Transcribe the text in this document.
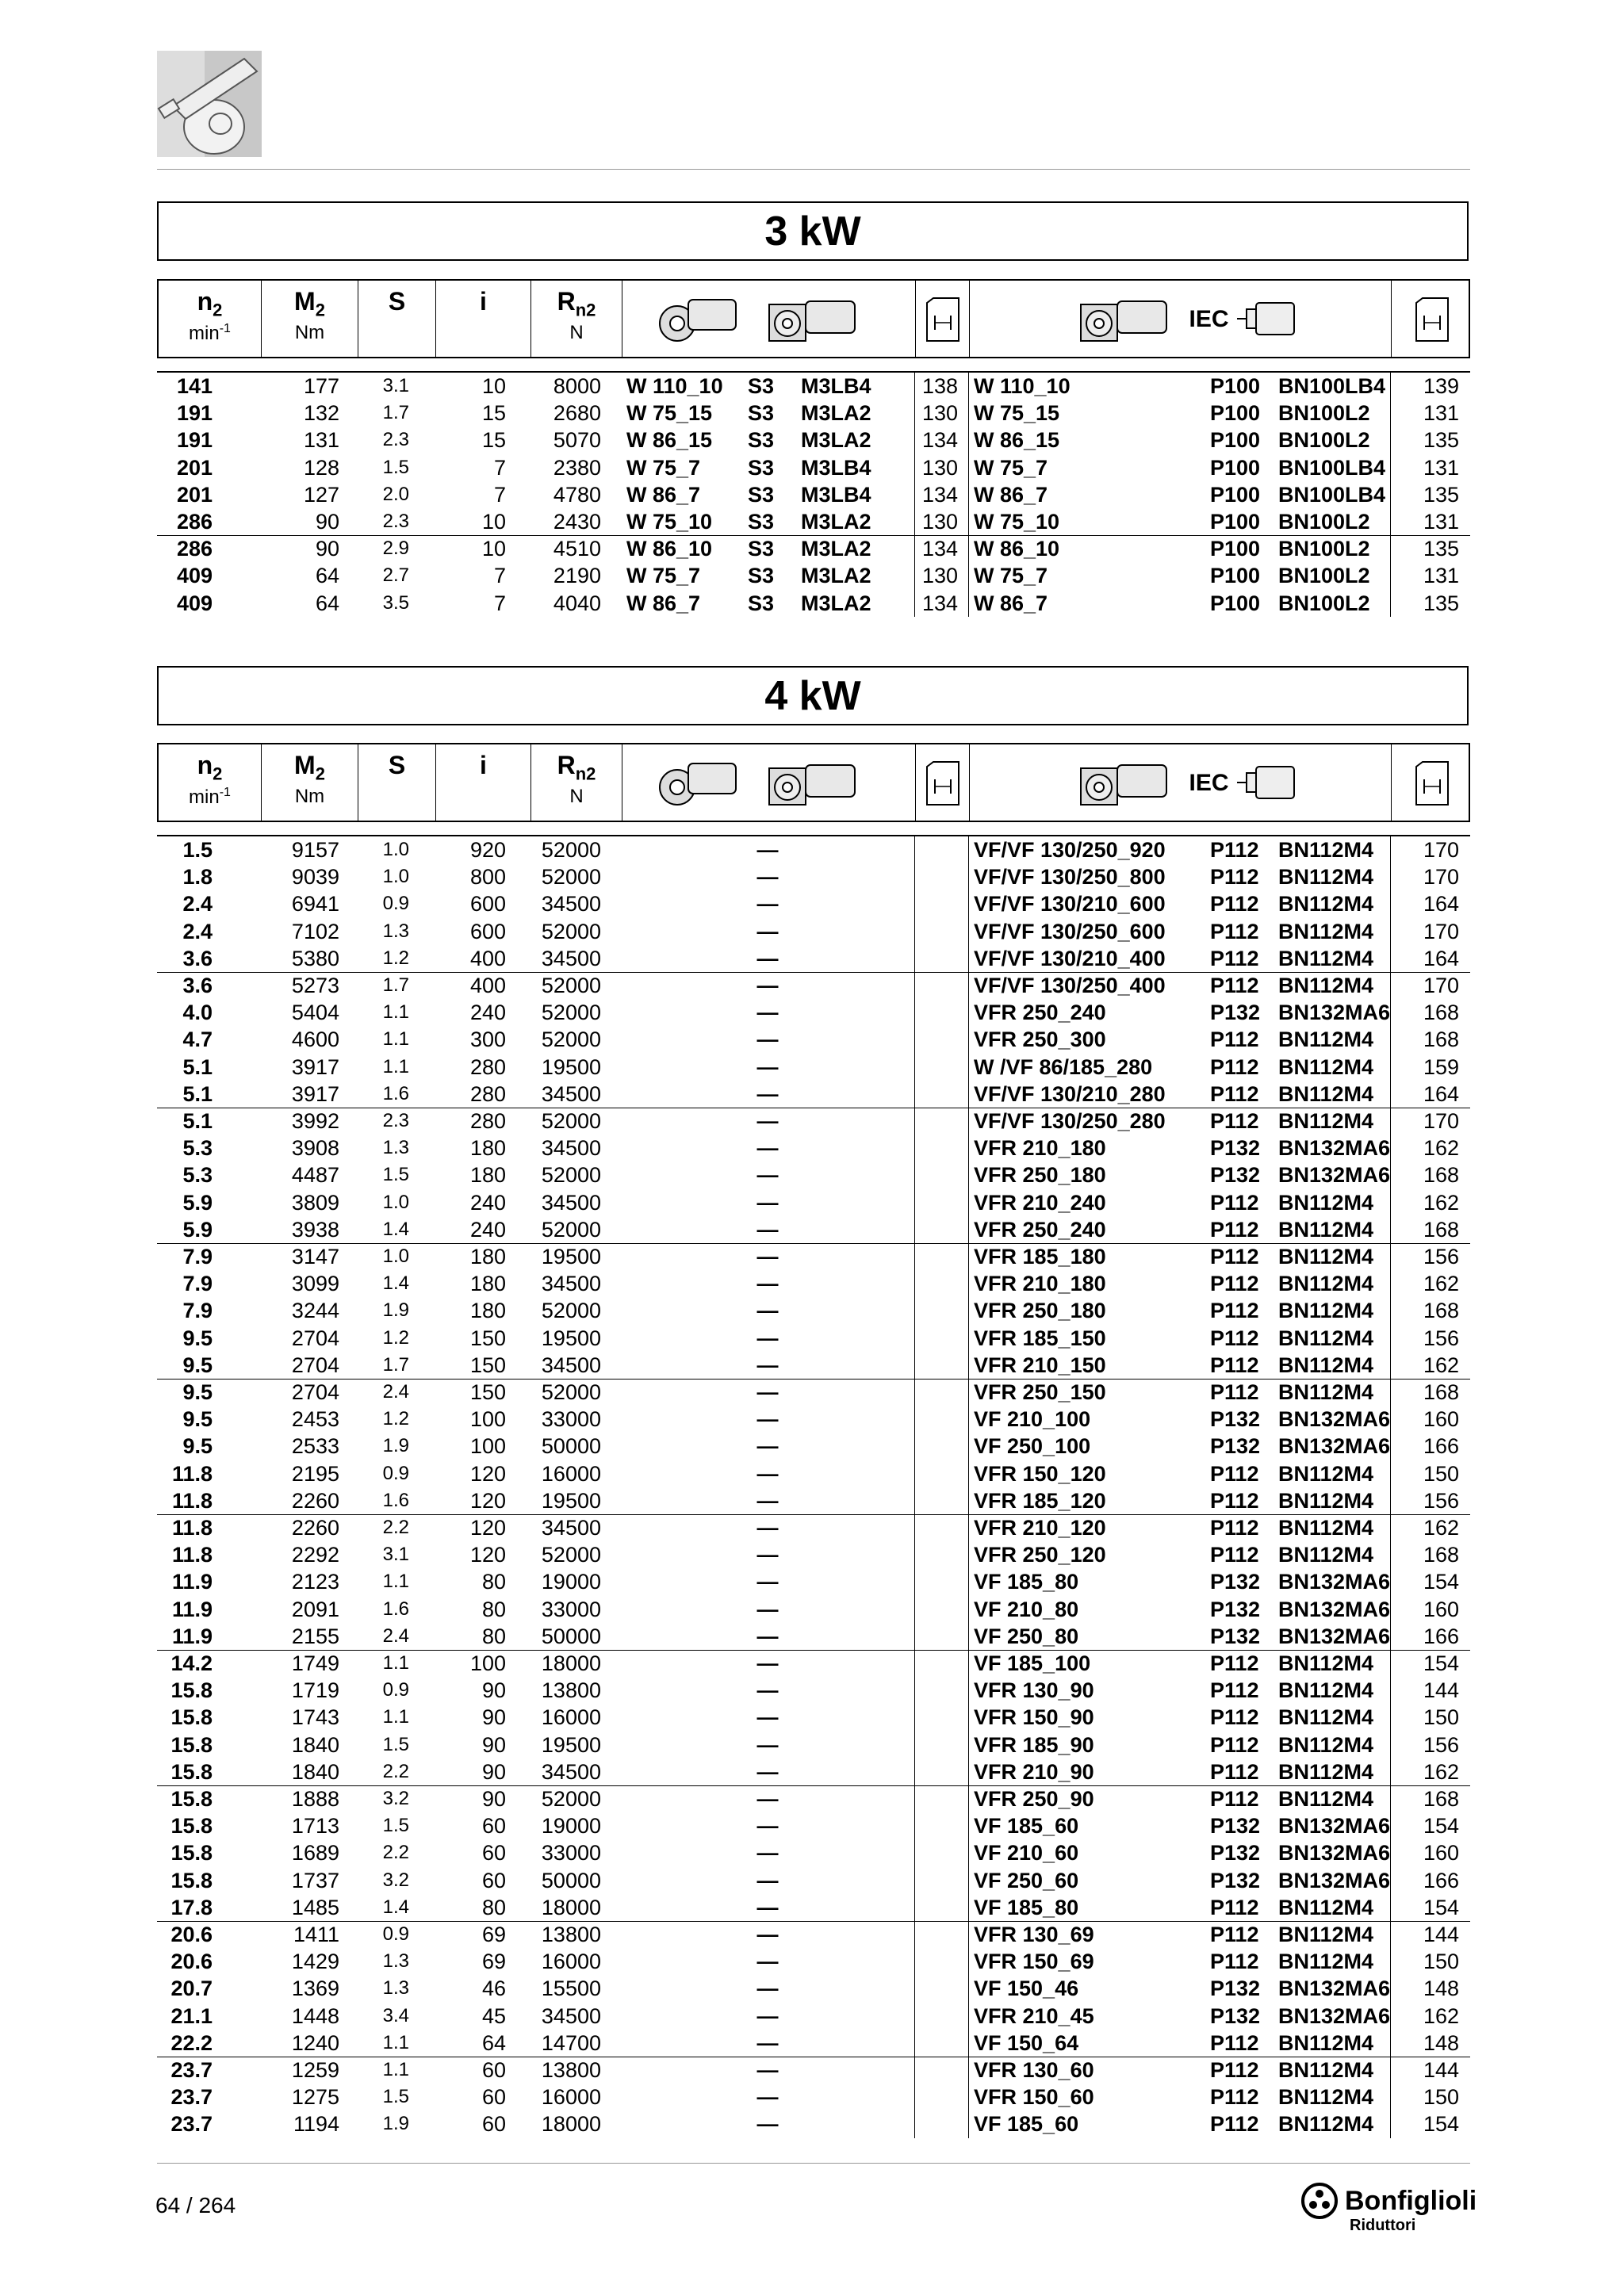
3 kW
$n_2$
$\min^{-1}$
$M_2$
Nm
S	i	$R_{n2}$
N
IEC
141	177	3.1	10	8000 W 110_10	S3	M3LB4	138 W 110_10	P100 BN100LB4	139
191	132	1.7	15	2680 W 75_15	S3	M3LA2	130 W 75_15	P100 BN100L2	131
191	131	2.3	15	5070 W 86_15	S3	M3LA2	134 W 86_15	P100 BN100L2	135
201	128	1.5	7	2380 W 75_7	S3	M3LB4	130 W 75_7	P100 BN100LB4	131
201	127	2.0	7	4780 W 86_7	S3	M3LB4	134 W 86_7	P100 BN100LB4	135
286	90	2.3	10	2430 W 75_10	S3	M3LA2	130 W 75_10	P100 BN100L2	131
286	90	2.9	10	4510 W 86_10	S3	M3LA2	134 W 86_10	P100 BN100L2	135
409	64	2.7	7	2190 W 75_7	S3	M3LA2	130 W 75_7	P100 BN100L2	131
409	64	3.5	7	4040 W 86_7	S3	M3LA2	134 W 86_7	P100 BN100L2	135
4 kW
$n_2$
$\min^{-1}$
$M_2$
Nm
S	i	$R_{n2}$
N
IEC
1.5	9157	1.0	920	52000	—	VF/VF 130/250_920	P112 BN112M4	170
1.8	9039	1.0	800	52000	—	VF/VF 130/250_800	P112 BN112M4	170
2.4	6941	0.9	600	34500	—	VF/VF 130/210_600	P112 BN112M4	164
2.4	7102	1.3	600	52000	—	VF/VF 130/250_600	P112 BN112M4	170
3.6	5380	1.2	400	34500	—	VF/VF 130/210_400	P112 BN112M4	164
3.6	5273	1.7	400	52000	—	VF/VF 130/250_400	P112 BN112M4	170
4.0	5404	1.1	240	52000	—	VFR 250_240	P132 BN132MA6	168
4.7	4600	1.1	300	52000	—	VFR 250_300	P112 BN112M4	168
5.1	3917	1.1	280	19500	—	W /VF 86/185_280	P112 BN112M4	159
5.1	3917	1.6	280	34500	—	VF/VF 130/210_280	P112 BN112M4	164
5.1	3992	2.3	280	52000	—	VF/VF 130/250_280	P112 BN112M4	170
5.3	3908	1.3	180	34500	—	VFR 210_180	P132 BN132MA6	162
5.3	4487	1.5	180	52000	—	VFR 250_180	P132 BN132MA6	168
5.9	3809	1.0	240	34500	—	VFR 210_240	P112 BN112M4	162
5.9	3938	1.4	240	52000	—	VFR 250_240	P112 BN112M4	168
7.9	3147	1.0	180	19500	—	VFR 185_180	P112 BN112M4	156
7.9	3099	1.4	180	34500	—	VFR 210_180	P112 BN112M4	162
7.9	3244	1.9	180	52000	—	VFR 250_180	P112 BN112M4	168
9.5	2704	1.2	150	19500	—	VFR 185_150	P112 BN112M4	156
9.5	2704	1.7	150	34500	—	VFR 210_150	P112 BN112M4	162
9.5	2704	2.4	150	52000	—	VFR 250_150	P112 BN112M4	168
9.5	2453	1.2	100	33000	—	VF 210_100	P132 BN132MA6	160
9.5	2533	1.9	100	50000	—	VF 250_100	P132 BN132MA6	166
11.8	2195	0.9	120	16000	—	VFR 150_120	P112 BN112M4	150
11.8	2260	1.6	120	19500	—	VFR 185_120	P112 BN112M4	156
11.8	2260	2.2	120	34500	—	VFR 210_120	P112 BN112M4	162
11.8	2292	3.1	120	52000	—	VFR 250_120	P112 BN112M4	168
11.9	2123	1.1	80	19000	—	VF 185_80	P132 BN132MA6	154
11.9	2091	1.6	80	33000	—	VF 210_80	P132 BN132MA6	160
11.9	2155	2.4	80	50000	—	VF 250_80	P132 BN132MA6	166
14.2	1749	1.1	100	18000	—	VF 185_100	P112 BN112M4	154
15.8	1719	0.9	90	13800	—	VFR 130_90	P112 BN112M4	144
15.8	1743	1.1	90	16000	—	VFR 150_90	P112 BN112M4	150
15.8	1840	1.5	90	19500	—	VFR 185_90	P112 BN112M4	156
15.8	1840	2.2	90	34500	—	VFR 210_90	P112 BN112M4	162
15.8	1888	3.2	90	52000	—	VFR 250_90	P112 BN112M4	168
15.8	1713	1.5	60	19000	—	VF 185_60	P132 BN132MA6	154
15.8	1689	2.2	60	33000	—	VF 210_60	P132 BN132MA6	160
15.8	1737	3.2	60	50000	—	VF 250_60	P132 BN132MA6	166
17.8	1485	1.4	80	18000	—	VF 185_80	P112 BN112M4	154
20.6	1411	0.9	69	13800	—	VFR 130_69	P112 BN112M4	144
20.6	1429	1.3	69	16000	—	VFR 150_69	P112 BN112M4	150
20.7	1369	1.3	46	15500	—	VF 150_46	P132 BN132MA6	148
21.1	1448	3.4	45	34500	—	VFR 210_45	P132 BN132MA6	162
22.2	1240	1.1	64	14700	—	VF 150_64	P112 BN112M4	148
23.7	1259	1.1	60	13800	—	VFR 130_60	P112 BN112M4	144
23.7	1275	1.5	60	16000	—	VFR 150_60	P112 BN112M4	150
23.7	1194	1.9	60	18000	—	VF 185_60	P112 BN112M4	154
64 / 264	Bonfiglioli
Riduttori
